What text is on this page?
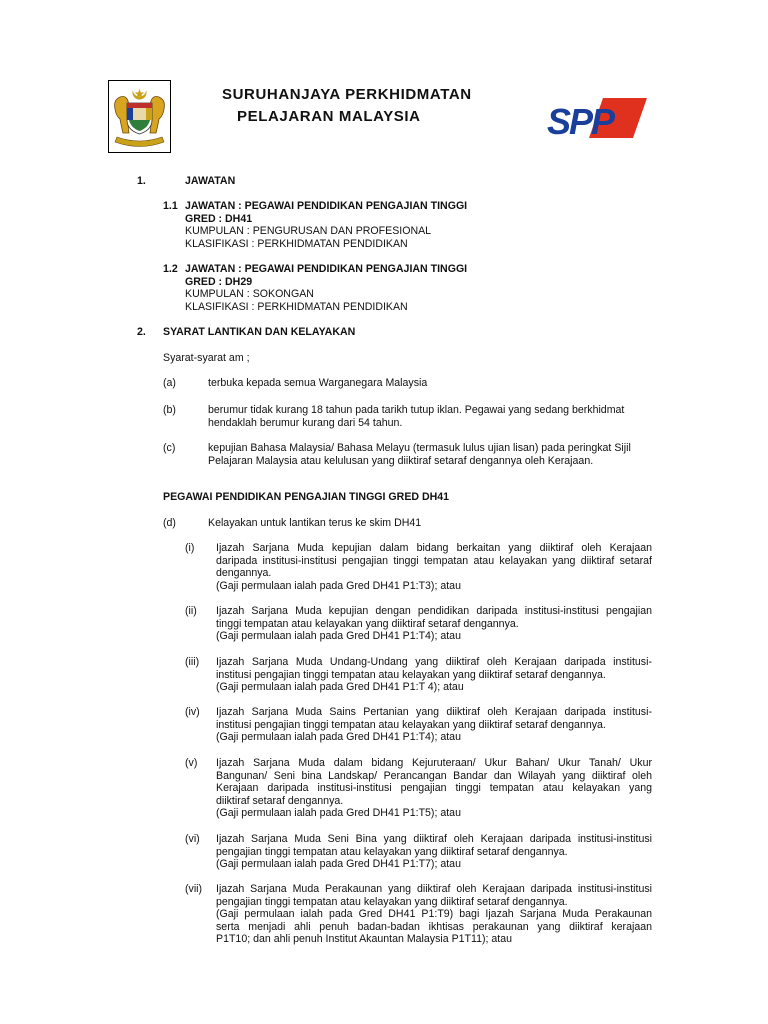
SURUHANJAYA PERKHIDMATAN
PELAJARAN MALAYSIA	SPP
1.	JAWATAN
1.1 JAWATAN : PEGAWAI PENDIDIKAN PENGAJIAN TINGGI
GRED : DH41
KUMPULAN : PENGURUSAN DAN PROFESIONAL
KLASIFIKASI : PERKHIDMATAN PENDIDIKAN
1.2 JAWATAN : PEGAWAI PENDIDIKAN PENGAJIAN TINGGI
GRED : DH29
KUMPULAN : SOKONGAN
KLASIFIKASI : PERKHIDMATAN PENDIDIKAN
2. SYARAT LANTIKAN DAN KELAYAKAN
Syarat-syarat am ;
(a)	terbuka kepada semua Warganegara Malaysia
(b)	berumur tidak kurang 18 tahun pada tarikh tutup iklan. Pegawai yang sedang berkhidmat
hendaklah berumur kurang dari 54 tahun.
(c)	kepujian Bahasa Malaysia/ Bahasa Melayu (termasuk lulus ujian lisan) pada peringkat Sijil
Pelajaran Malaysia atau kelulusan yang diiktiraf setaraf dengannya oleh Kerajaan.
PEGAWAI PENDIDIKAN PENGAJIAN TINGGI GRED DH41
(d)	Kelayakan untuk lantikan terus ke skim DH41
(i) Ijazah Sarjana Muda kepujian dalam bidang berkaitan yang diiktiraf oleh Kerajaan
daripada institusi-institusi pengajian tinggi tempatan atau kelayakan yang diiktiraf setaraf
dengannya.
(Gaji permulaan ialah pada Gred DH41 P1:T3); atau
(ii) Ijazah Sarjana Muda kepujian dengan pendidikan daripada institusi-institusi pengajian
tinggi tempatan atau kelayakan yang diiktiraf setaraf dengannya.
(Gaji permulaan ialah pada Gred DH41 P1:T4); atau
(iii) Ijazah Sarjana Muda Undang-Undang yang diiktiraf oleh Kerajaan daripada institusi-
institusi pengajian tinggi tempatan atau kelayakan yang diiktiraf setaraf dengannya.
(Gaji permulaan ialah pada Gred DH41 P1:T 4); atau
(iv) Ijazah Sarjana Muda Sains Pertanian yang diiktiraf oleh Kerajaan daripada institusi-
institusi pengajian tinggi tempatan atau kelayakan yang diiktiraf setaraf dengannya.
(Gaji permulaan ialah pada Gred DH41 P1:T4); atau
(v) Ijazah Sarjana Muda dalam bidang Kejuruteraan/ Ukur Bahan/ Ukur Tanah/ Ukur
Bangunan/ Seni bina Landskap/ Perancangan Bandar dan Wilayah yang diiktiraf oleh
Kerajaan daripada institusi-institusi pengajian tinggi tempatan atau kelayakan yang
diiktiraf setaraf dengannya.
(Gaji permulaan ialah pada Gred DH41 P1:T5); atau
(vi) Ijazah Sarjana Muda Seni Bina yang diiktiraf oleh Kerajaan daripada institusi-institusi
pengajian tinggi tempatan atau kelayakan yang diiktiraf setaraf dengannya.
(Gaji permulaan ialah pada Gred DH41 P1:T7); atau
(vii) Ijazah Sarjana Muda Perakaunan yang diiktiraf oleh Kerajaan daripada institusi-institusi
pengajian tinggi tempatan atau kelayakan yang diiktiraf setaraf dengannya.
(Gaji permulaan ialah pada Gred DH41 P1:T9) bagi Ijazah Sarjana Muda Perakaunan
serta menjadi ahli penuh badan-badan ikhtisas perakaunan yang diiktiraf kerajaan
P1T10; dan ahli penuh Institut Akauntan Malaysia P1T11); atau
